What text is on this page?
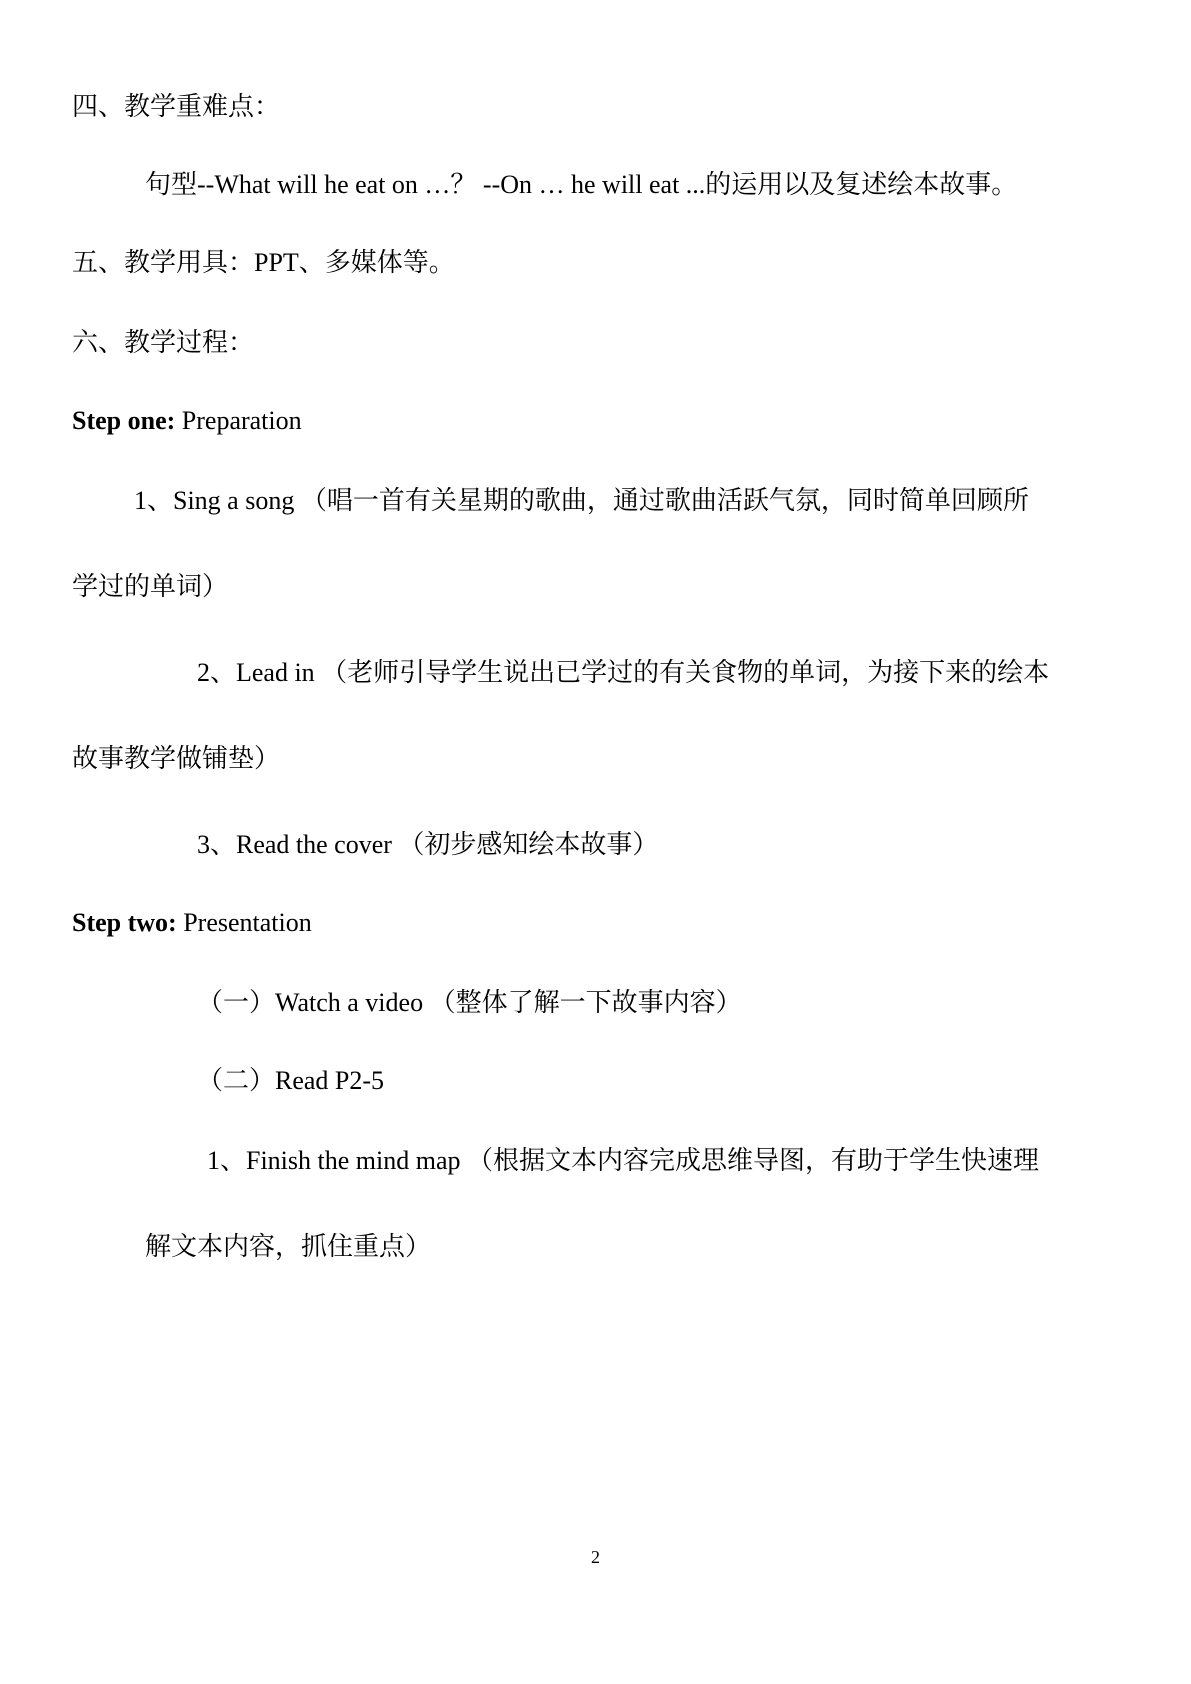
四、教学重难点：
句型--What will he eat on …？ --On … he will eat ...的运用以及复述绘本故事。
五、教学用具：PPT、多媒体等。
六、教学过程：
Step one: Preparation
1、Sing a song （唱一首有关星期的歌曲，通过歌曲活跃气氛，同时简单回顾所
学过的单词）
2、Lead in （老师引导学生说出已学过的有关食物的单词，为接下来的绘本
故事教学做铺垫）
3、Read the cover （初步感知绘本故事）
Step two: Presentation
（一）Watch a video （整体了解一下故事内容）
（二）Read P2-5
1、Finish the mind map （根据文本内容完成思维导图，有助于学生快速理
解文本内容，抓住重点）
2
